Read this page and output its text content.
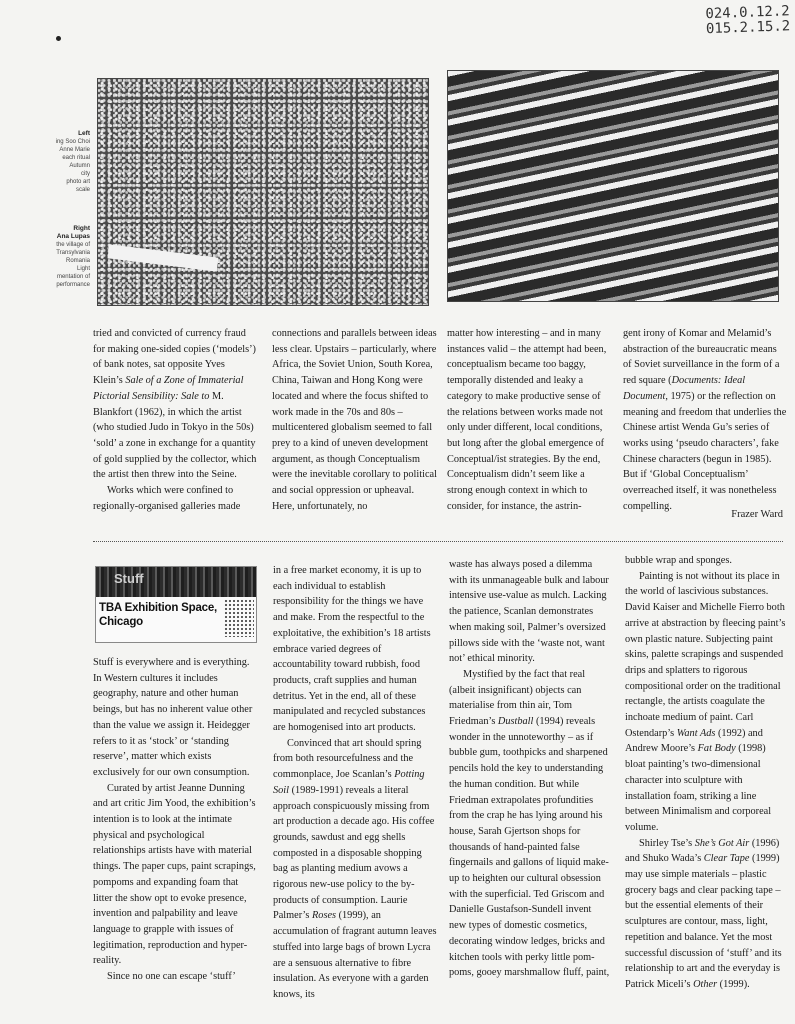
024.0.12.2
015.2.15.2
Left
ing Soo Choi
Anne Marie
each ritual
Autumn
city
photo art
scale
Right
Ana Lupas
the village of
Transylvania
Romania
Light
mentation of
performance

tried and convicted of currency fraud for making one-sided copies (‘models’) of bank notes, sat opposite Yves Klein’s Sale of a Zone of Immaterial Pictorial Sensibility: Sale to M. Blankfort (1962), in which the artist (who studied Judo in Tokyo in the 50s) ‘sold’ a zone in exchange for a quantity of gold supplied by the collector, which the artist then threw into the Seine.

Works which were confined to regionally-organised galleries made

connections and parallels between ideas less clear. Upstairs – particularly, where Africa, the Soviet Union, South Korea, China, Taiwan and Hong Kong were located and where the focus shifted to work made in the 70s and 80s – multicentered globalism seemed to fall prey to a kind of uneven development argument, as though Conceptualism were the inevitable corollary to political and social oppression or upheaval. Here, unfortunately, no

matter how interesting – and in many instances valid – the attempt had been, conceptualism became too baggy, temporally distended and leaky a category to make productive sense of the relations between works made not only under different, local conditions, but long after the global emergence of Conceptual/ist strategies. By the end, Conceptualism didn’t seem like a strong enough context in which to consider, for instance, the astrin-

gent irony of Komar and Melamid’s abstraction of the bureaucratic means of Soviet surveillance in the form of a red square (Documents: Ideal Document, 1975) or the reflection on meaning and freedom that underlies the Chinese artist Wenda Gu’s series of works using ‘pseudo characters’, fake Chinese characters (begun in 1985). But if ‘Global Conceptualism’ overreached itself, it was nonetheless compelling.

Frazer Ward
Stuff
TBA Exhibition Space, Chicago

Stuff is everywhere and is everything. In Western cultures it includes geography, nature and other human beings, but has no inherent value other than the value we assign it. Heidegger refers to it as ‘stock’ or ‘standing reserve’, matter which exists exclusively for our own consumption.

Curated by artist Jeanne Dunning and art critic Jim Yood, the exhibition’s intention is to look at the intimate physical and psychological relationships artists have with material things. The paper cups, paint scrapings, pompoms and expanding foam that litter the show opt to evoke presence, invention and palpability and leave language to grapple with issues of legitimation, reproduction and hyper-reality.

Since no one can escape ‘stuff’

in a free market economy, it is up to each individual to establish responsibility for the things we have and make. From the respectful to the exploitative, the exhibition’s 18 artists embrace varied degrees of accountability toward rubbish, food products, craft supplies and human detritus. Yet in the end, all of these manipulated and recycled substances are homogenised into art products.

Convinced that art should spring from both resourcefulness and the commonplace, Joe Scanlan’s Potting Soil (1989-1991) reveals a literal approach conspicuously missing from art production a decade ago. His coffee grounds, sawdust and egg shells composted in a disposable shopping bag as planting medium avows a rigorous new-use policy to the by-products of consumption. Laurie Palmer’s Roses (1999), an accumulation of fragrant autumn leaves stuffed into large bags of brown Lycra are a sensuous alternative to fibre insulation. As everyone with a garden knows, its

waste has always posed a dilemma with its unmanageable bulk and labour intensive use-value as mulch. Lacking the patience, Scanlan demonstrates when making soil, Palmer’s oversized pillows side with the ‘waste not, want not’ ethical minority.

Mystified by the fact that real (albeit insignificant) objects can materialise from thin air, Tom Friedman’s Dustball (1994) reveals wonder in the unnoteworthy – as if bubble gum, toothpicks and sharpened pencils hold the key to understanding the human condition. But while Friedman extrapolates profundities from the crap he has lying around his house, Sarah Gjertson shops for thousands of hand-painted false fingernails and gallons of liquid make-up to heighten our cultural obsession with the superficial. Ted Griscom and Danielle Gustafson-Sundell invent new types of domestic cosmetics, decorating window ledges, bricks and kitchen tools with perky little pom-poms, gooey marshmallow fluff, paint,

bubble wrap and sponges.

Painting is not without its place in the world of lascivious substances. David Kaiser and Michelle Fierro both arrive at abstraction by fleecing paint’s own plastic nature. Subjecting paint skins, palette scrapings and suspended drips and splatters to rigorous compositional order on the traditional rectangle, the artists coagulate the inchoate medium of paint. Carl Ostendarp’s Want Ads (1992) and Andrew Moore’s Fat Body (1998) bloat painting’s two-dimensional character into sculpture with installation foam, striking a line between Minimalism and corporeal volume.

Shirley Tse’s She’s Got Air (1996) and Shuko Wada’s Clear Tape (1999) may use simple materials – plastic grocery bags and clear packing tape – but the essential elements of their sculptures are contour, mass, light, repetition and balance. Yet the most successful discussion of ‘stuff’ and its relationship to art and the everyday is Patrick Miceli’s Other (1999).
